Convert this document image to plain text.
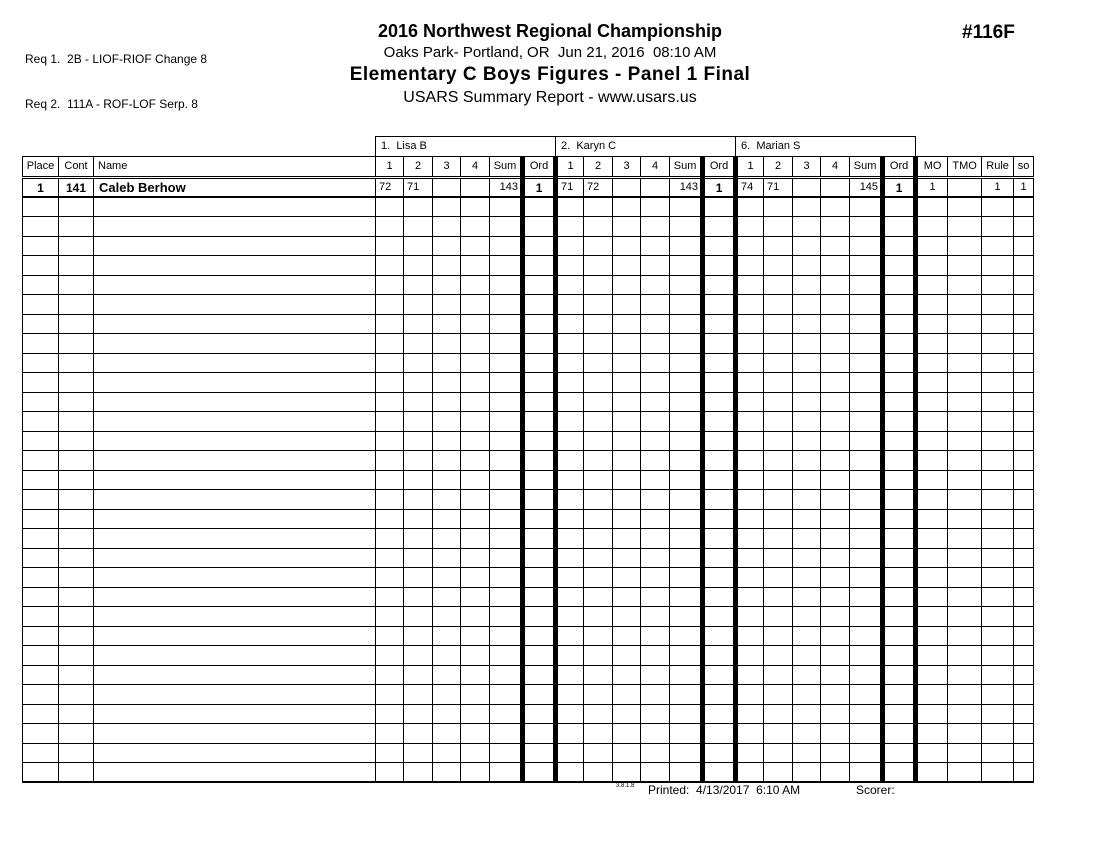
Req 1.  2B - LIOF-RIOF Change 8

Req 2.  111A - ROF-LOF Serp. 8

2016 Northwest Regional Championship
Oaks Park- Portland, OR  Jun 21, 2016  08:10 AM
Elementary C Boys Figures - Panel 1 Final
USARS Summary Report - www.usars.us
#116F
			1.  Lisa B						2.  Karyn C						6.  Marian S									
Place	Cont	Name	1	2	3	4	Sum	Ord	1	2	3	4	Sum	Ord	1	2	3	4	Sum	Ord	MO	TMO	Rule	so
1	141	Caleb Berhow	72	71			143	1	71	72			143	1	74	71			145	1	1		1	1

3.8.1.8 Printed:  4/13/2017  6:10 AM	Scorer:
